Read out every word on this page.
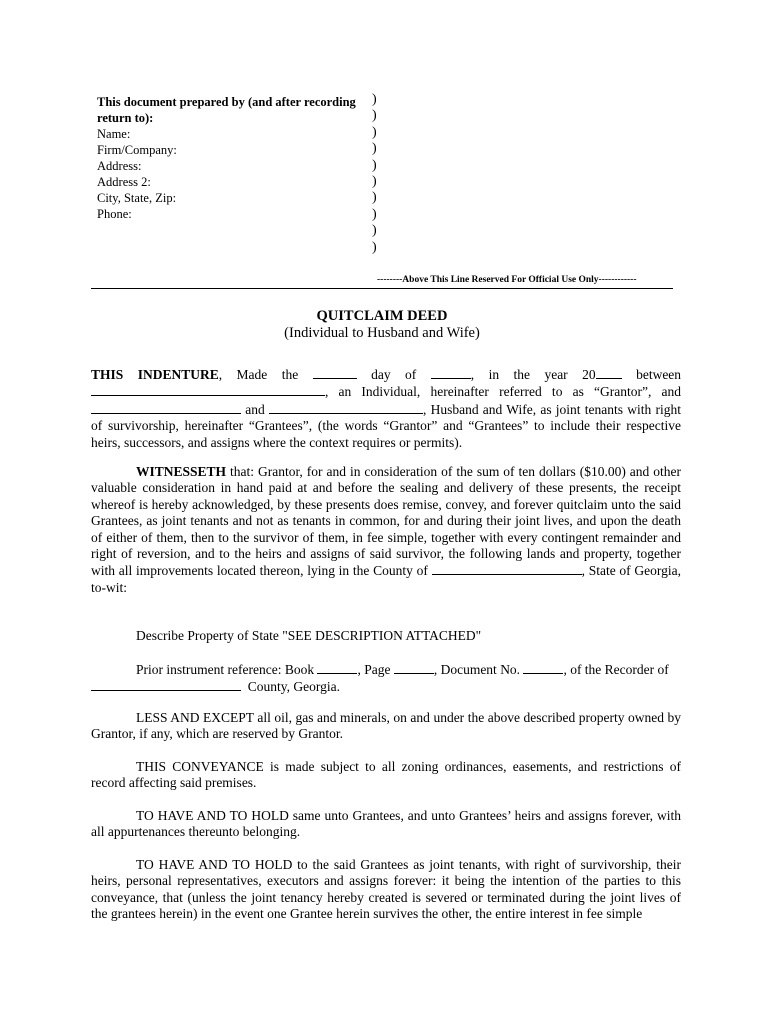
This document prepared by (and after recording return to):
Name:
Firm/Company:
Address:
Address 2:
City, State, Zip:
Phone:
)
)
)
)
)
)
)
)
)
)
--------Above This Line Reserved For Official Use Only------------
QUITCLAIM DEED
(Individual to Husband and Wife)

THIS INDENTURE, Made the	day of	, in the year 20	between , an Individual, hereinafter referred to as “Grantor”, and  and	, Husband and Wife, as joint tenants with right of survivorship, hereinafter “Grantees”, (the words “Grantor” and “Grantees” to include their respective heirs, successors, and assigns where the context requires or permits).

WITNESSETH that: Grantor, for and in consideration of the sum of ten dollars ($10.00) and other valuable consideration in hand paid at and before the sealing and delivery of these presents, the receipt whereof is hereby acknowledged, by these presents does remise, convey, and forever quitclaim unto the said Grantees, as joint tenants and not as tenants in common, for and during their joint lives, and upon the death of either of them, then to the survivor of them, in fee simple, together with every contingent remainder and right of reversion, and to the heirs and assigns of said survivor, the following lands and property, together with all improvements located thereon, lying in the County of	, State of Georgia, to-wit:

Describe Property of State "SEE DESCRIPTION ATTACHED"

Prior instrument reference: Book	, Page	, Document No.	, of the Recorder of

County, Georgia.

LESS AND EXCEPT all oil, gas and minerals, on and under the above described property owned by Grantor, if any, which are reserved by Grantor.

THIS CONVEYANCE is made subject to all zoning ordinances, easements, and restrictions of record affecting said premises.

TO HAVE AND TO HOLD same unto Grantees, and unto Grantees’ heirs and assigns forever, with all appurtenances thereunto belonging.

TO HAVE AND TO HOLD to the said Grantees as joint tenants, with right of survivorship, their heirs, personal representatives, executors and assigns forever: it being the intention of the parties to this conveyance, that (unless the joint tenancy hereby created is severed or terminated during the joint lives of the grantees herein) in the event one Grantee herein survives the other, the entire interest in fee simple
